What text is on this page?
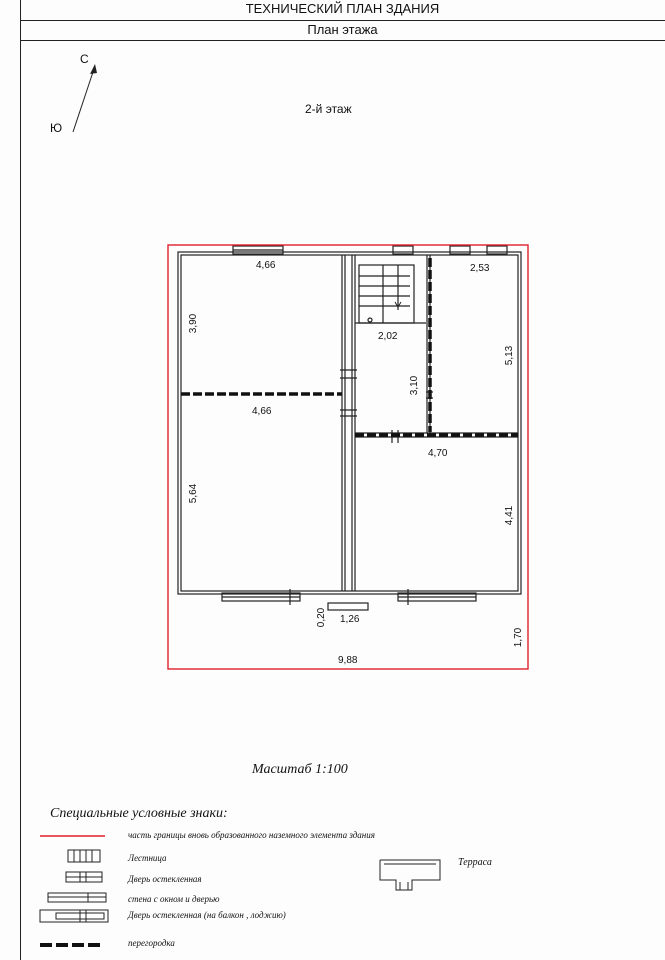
ТЕХНИЧЕСКИЙ ПЛАН ЗДАНИЯ
План этажа
С
Ю
2-й этаж
4,66
3,90
4,66
5,64
2,02
3,10
2,53
5,13
4,70
4,41
0,20 1,26
1,70
9,88
Масштаб 1:100
Специальные условные знаки:
часть границы вновь образованного наземного элемента здания
Лестница
Дверь остекленная
стена с окном и дверью
Дверь остекленная (на балкон , лоджию)
перегородка
Терраса
